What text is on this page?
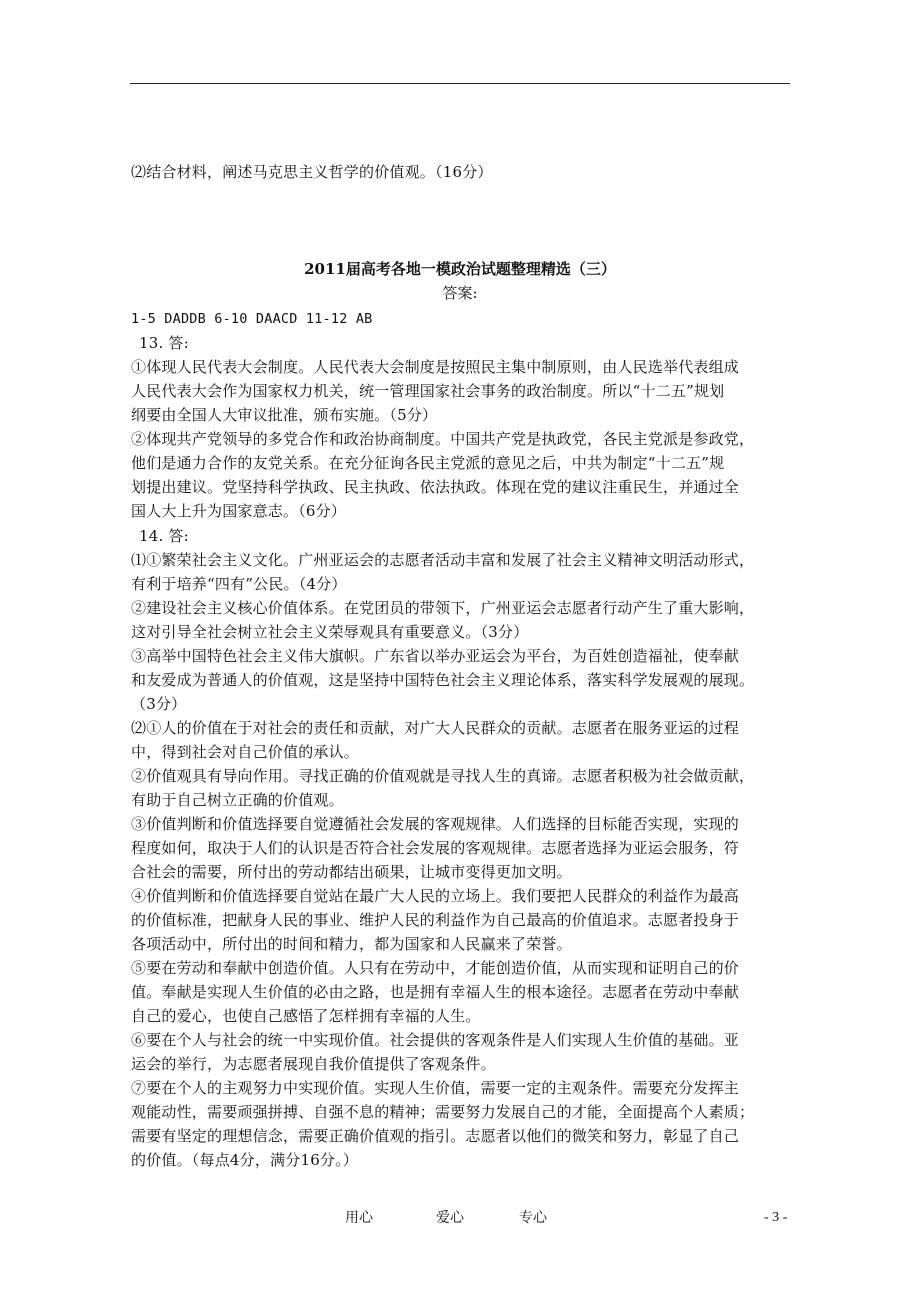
⑵结合材料，阐述马克思主义哲学的价值观。（16分）
2011届高考各地一模政治试题整理精选（三）
答案:
1-5 DADDB 6-10 DAACD 11-12 AB
13. 答:
①体现人民代表大会制度。人民代表大会制度是按照民主集中制原则，由人民选举代表组成
人民代表大会作为国家权力机关，统一管理国家社会事务的政治制度。所以“十二五”规划
纲要由全国人大审议批准，颁布实施。（5分）
②体现共产党领导的多党合作和政治协商制度。中国共产党是执政党，各民主党派是参政党，
他们是通力合作的友党关系。在充分征询各民主党派的意见之后，中共为制定“十二五”规
划提出建议。党坚持科学执政、民主执政、依法执政。体现在党的建议注重民生，并通过全
国人大上升为国家意志。（6分）
14. 答:
⑴①繁荣社会主义文化。广州亚运会的志愿者活动丰富和发展了社会主义精神文明活动形式，
有利于培养“四有”公民。（4分）
②建设社会主义核心价值体系。在党团员的带领下，广州亚运会志愿者行动产生了重大影响，
这对引导全社会树立社会主义荣辱观具有重要意义。（3分）
③高举中国特色社会主义伟大旗帜。广东省以举办亚运会为平台，为百姓创造福祉，使奉献
和友爱成为普通人的价值观，这是坚持中国特色社会主义理论体系，落实科学发展观的展现。
（3分）
⑵①人的价值在于对社会的责任和贡献，对广大人民群众的贡献。志愿者在服务亚运的过程
中，得到社会对自己价值的承认。
②价值观具有导向作用。寻找正确的价值观就是寻找人生的真谛。志愿者积极为社会做贡献，
有助于自己树立正确的价值观。
③价值判断和价值选择要自觉遵循社会发展的客观规律。人们选择的目标能否实现，实现的
程度如何，取决于人们的认识是否符合社会发展的客观规律。志愿者选择为亚运会服务，符
合社会的需要，所付出的劳动都结出硕果，让城市变得更加文明。
④价值判断和价值选择要自觉站在最广大人民的立场上。我们要把人民群众的利益作为最高
的价值标准，把献身人民的事业、维护人民的利益作为自己最高的价值追求。志愿者投身于
各项活动中，所付出的时间和精力，都为国家和人民赢来了荣誉。
⑤要在劳动和奉献中创造价值。人只有在劳动中，才能创造价值，从而实现和证明自己的价
值。奉献是实现人生价值的必由之路，也是拥有幸福人生的根本途径。志愿者在劳动中奉献
自己的爱心，也使自己感悟了怎样拥有幸福的人生。
⑥要在个人与社会的统一中实现价值。社会提供的客观条件是人们实现人生价值的基础。亚
运会的举行，为志愿者展现自我价值提供了客观条件。
⑦要在个人的主观努力中实现价值。实现人生价值，需要一定的主观条件。需要充分发挥主
观能动性，需要顽强拼搏、自强不息的精神；需要努力发展自己的才能，全面提高个人素质；
需要有坚定的理想信念，需要正确价值观的指引。志愿者以他们的微笑和努力，彰显了自己
的价值。（每点4分，满分16分。）
用心	爱心	专心	- 3 -
